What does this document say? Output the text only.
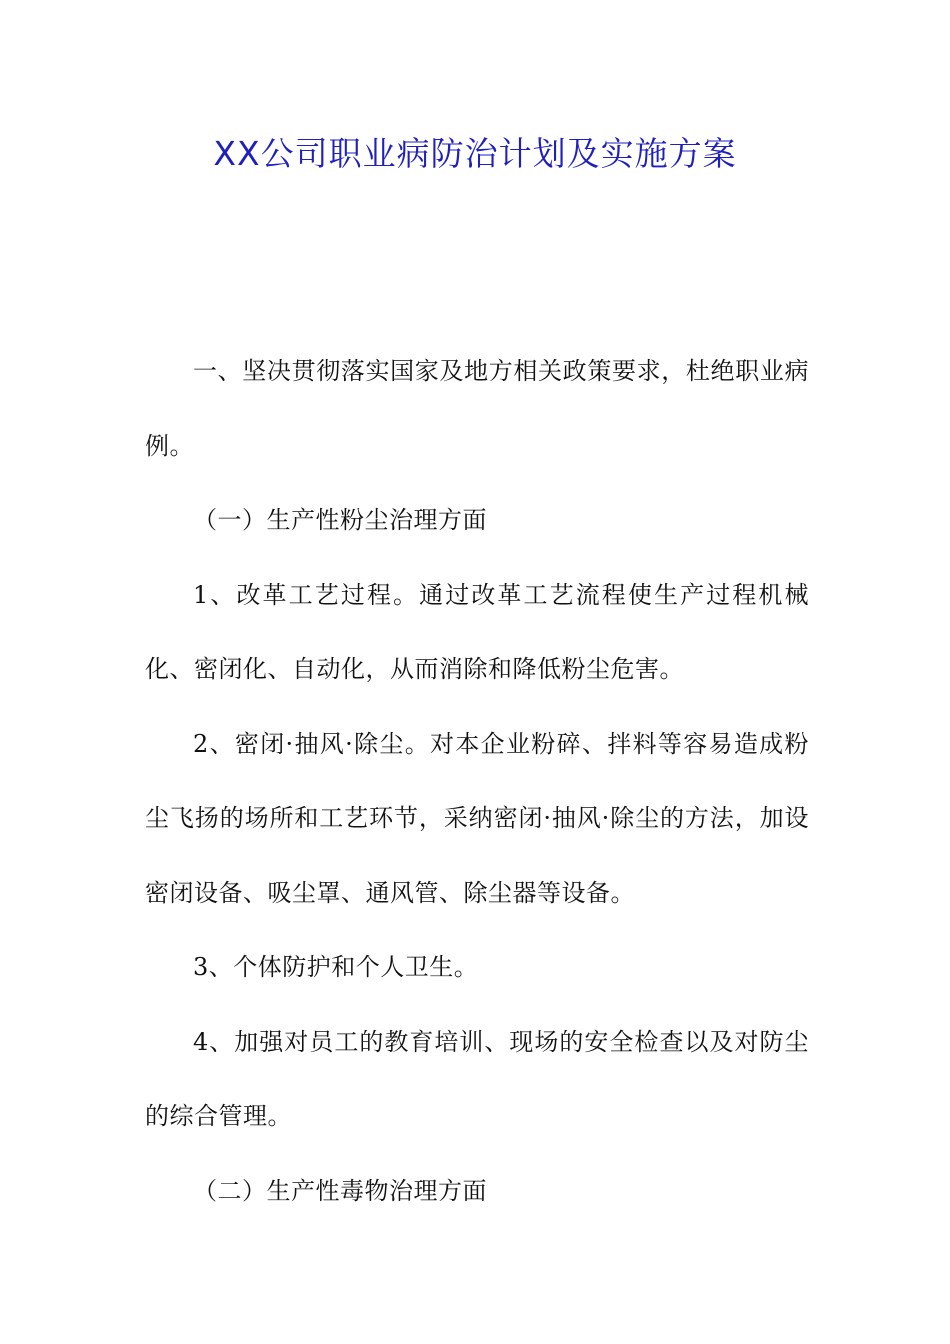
XX公司职业病防治计划及实施方案

一、坚决贯彻落实国家及地方相关政策要求，杜绝职业病例。

（一）生产性粉尘治理方面

1、改革工艺过程。通过改革工艺流程使生产过程机械化、密闭化、自动化，从而消除和降低粉尘危害。

2、密闭·抽风·除尘。对本企业粉碎、拌料等容易造成粉尘飞扬的场所和工艺环节，采纳密闭·抽风·除尘的方法，加设密闭设备、吸尘罩、通风管、除尘器等设备。

3、个体防护和个人卫生。

4、加强对员工的教育培训、现场的安全检查以及对防尘的综合管理。

（二）生产性毒物治理方面
